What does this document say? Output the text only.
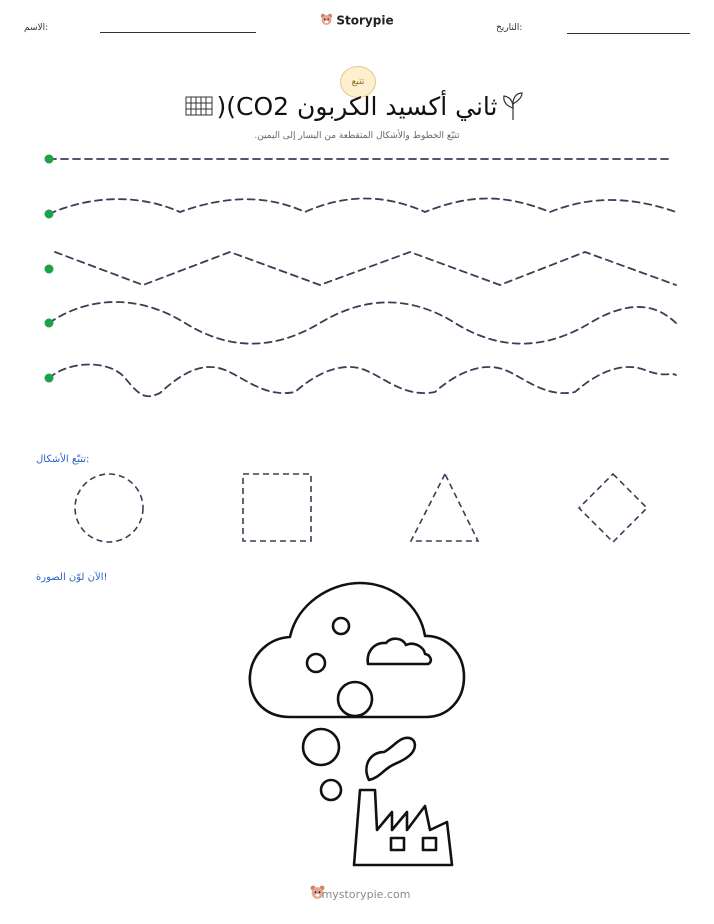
الاسم:	التاريخ:
Storypie
تتبع
ثاني أكسيد الكربون CO2)(
تتبّع الخطوط والأشكال المتقطعة من اليسار إلى اليمين.
تتبّع الأشكال:
الآن لوّن الصورة!
mystorypie.com
